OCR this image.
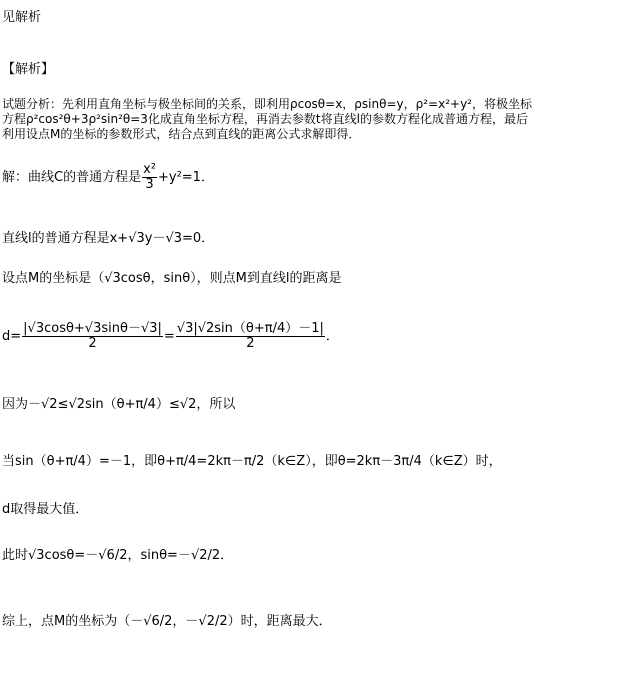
见解析
【解析】
试题分析：先利用直角坐标与极坐标间的关系，即利用ρcosθ=x，ρsinθ=y，ρ²=x²+y²，将极坐标
方程ρ²cos²θ+3ρ²sin²θ=3化成直角坐标方程，再消去参数t将直线l的参数方程化成普通方程，最后
利用设点M的坐标的参数形式，结合点到直线的距离公式求解即得．
解：曲线C的普通方程是 $\frac{\text{x²}}{3} +y^2=1$．
直线l的普通方程是x+√3y－√3=0．
设点M的坐标是（√3cosθ，sinθ），则点M到直线l的距离是
$d= \frac{|√3\cos\theta+√3\sin\theta-√3|}{2} = \frac{√3|√2\sin(\theta+\pi/4)-1|}{2}$ ．
因为－√2≤√2sin（θ+π/4）≤√2，所以
当sin（θ+π/4）=－1，即θ+π/4=2kπ－π/2（k∈Z），即θ=2kπ－3π/4（k∈Z）时，
d取得最大值．
此时√3cosθ=－√6/2，sinθ=－√2/2．
综上，点M的坐标为（－√6/2，－√2/2）时，距离最大．
